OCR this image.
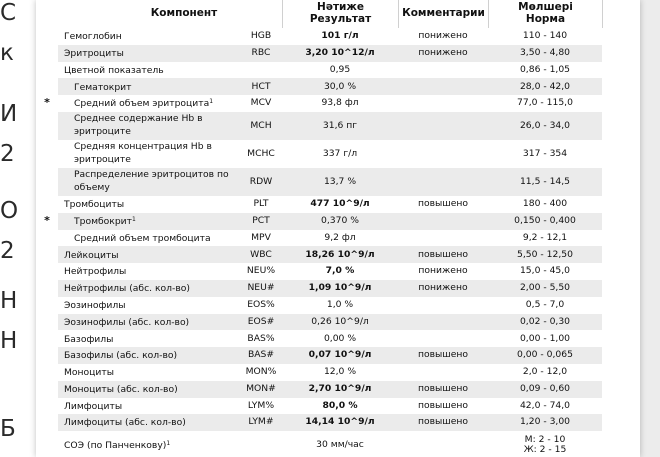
С
к
И
2
О
2
Н
Н
Б
Компонент	Нәтиже Результат	Комментарии	Мөлшері Норма
	Гемоглобин	HGB	101 г/л	понижено	110 - 140	
	Эритроциты	RBC	3,20 10^12/л	понижено	3,50 - 4,80	
	Цветной показатель		0,95		0,86 - 1,05	
	Гематокрит	HCT	30,0 %		28,0 - 42,0	
*	Средний объем эритроцита$^1$	MCV	93,8 фл		77,0 - 115,0	
	Среднее содержание Hb в эритроците	MCH	31,6 пг		26,0 - 34,0	
	Средняя концентрация Hb в эритроците	MCHC	337 г/л		317 - 354	
	Распределение эритроцитов по объему	RDW	13,7 %		11,5 - 14,5	
	Тромбоциты	PLT	477 10^9/л	повышено	180 - 400	
*	Тромбокрит$^1$	PCT	0,370 %		0,150 - 0,400	
	Средний объем тромбоцита	MPV	9,2 фл		9,2 - 12,1	
	Лейкоциты	WBC	18,26 10^9/л	повышено	5,50 - 12,50	
	Нейтрофилы	NEU%	7,0 %	понижено	15,0 - 45,0	
	Нейтрофилы (абс. кол-во)	NEU#	1,09 10^9/л	понижено	2,00 - 5,50	
	Эозинофилы	EOS%	1,0 %		0,5 - 7,0	
	Эозинофилы (абс. кол-во)	EOS#	0,26 10^9/л		0,02 - 0,30	
	Базофилы	BAS%	0,00 %		0,00 - 1,00	
	Базофилы (абс. кол-во)	BAS#	0,07 10^9/л	повышено	0,00 - 0,065	
	Моноциты	MON%	12,0 %		2,0 - 12,0	
	Моноциты (абс. кол-во)	MON#	2,70 10^9/л	повышено	0,09 - 0,60	
	Лимфоциты	LYM%	80,0 %	повышено	42,0 - 74,0	
	Лимфоциты (абс. кол-во)	LYM#	14,14 10^9/л	повышено	1,20 - 3,00	
	СОЭ (по Панченкову)$^1$		30 мм/час		М: 2 - 10
Ж: 2 - 15	
